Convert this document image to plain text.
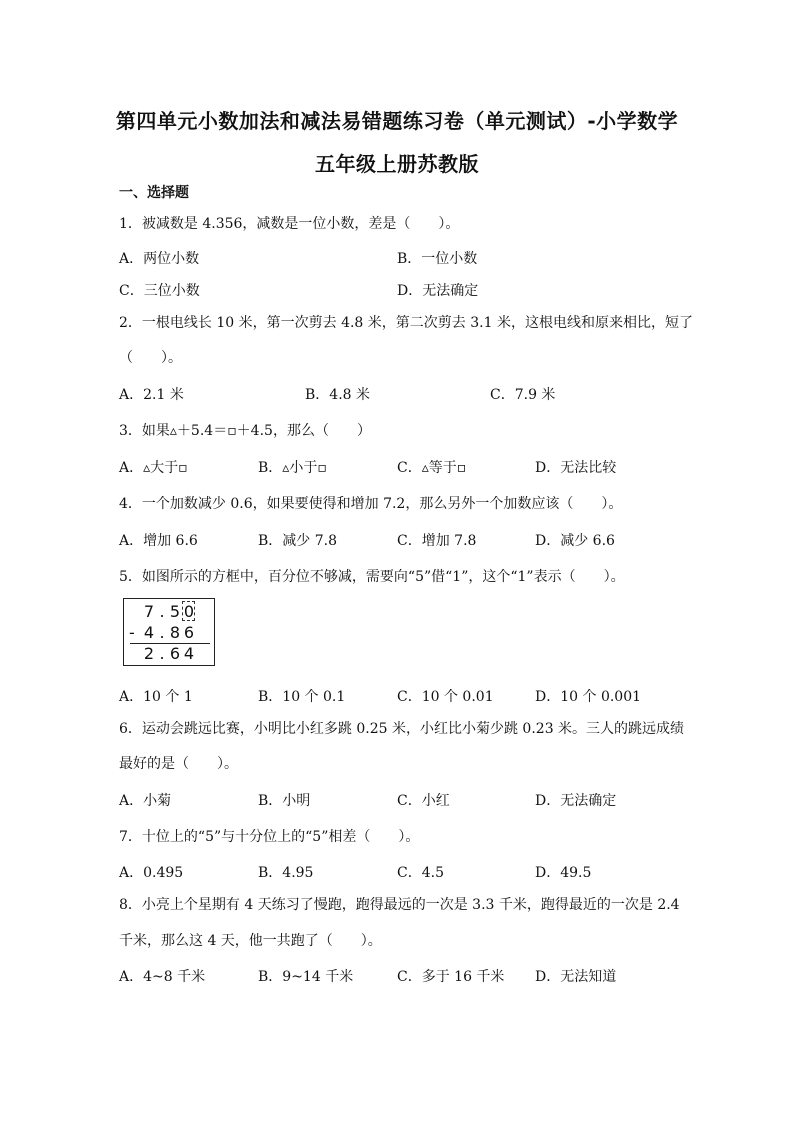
第四单元小数加法和减法易错题练习卷（单元测试）-小学数学
五年级上册苏教版
一、选择题
1．被减数是 4.356，减数是一位小数，差是（　　）。
A．两位小数	B．一位小数
C．三位小数	D．无法确定
2．一根电线长 10 米，第一次剪去 4.8 米，第二次剪去 3.1 米，这根电线和原来相比，短了
（　　）。
A．2.1 米	B．4.8 米	C．7.9 米
3．如果▵＋5.4＝▫＋4.5，那么（　　）
A．▵大于▫	B．▵小于▫	C．▵等于▫	D．无法比较
4．一个加数减少 0.6，如果要使得和增加 7.2，那么另外一个加数应该（　　）。
A．增加 6.6	B．减少 7.8	C．增加 7.8	D．减少 6.6
5．如图所示的方框中，百分位不够减，需要向“5”借“1”，这个“1”表示（　　）。
7 . 5 0
- 4 . 8 6
2 . 6 4
A．10 个 1	B．10 个 0.1	C．10 个 0.01	D．10 个 0.001
6．运动会跳远比赛，小明比小红多跳 0.25 米，小红比小菊少跳 0.23 米。三人的跳远成绩
最好的是（　　）。
A．小菊	B．小明	C．小红	D．无法确定
7．十位上的“5”与十分位上的“5”相差（　　）。
A．0.495	B．4.95	C．4.5	D．49.5
8．小亮上个星期有 4 天练习了慢跑，跑得最远的一次是 3.3 千米，跑得最近的一次是 2.4
千米，那么这 4 天，他一共跑了（　　）。
A．4~8 千米	B．9~14 千米	C．多于 16 千米 D．无法知道
